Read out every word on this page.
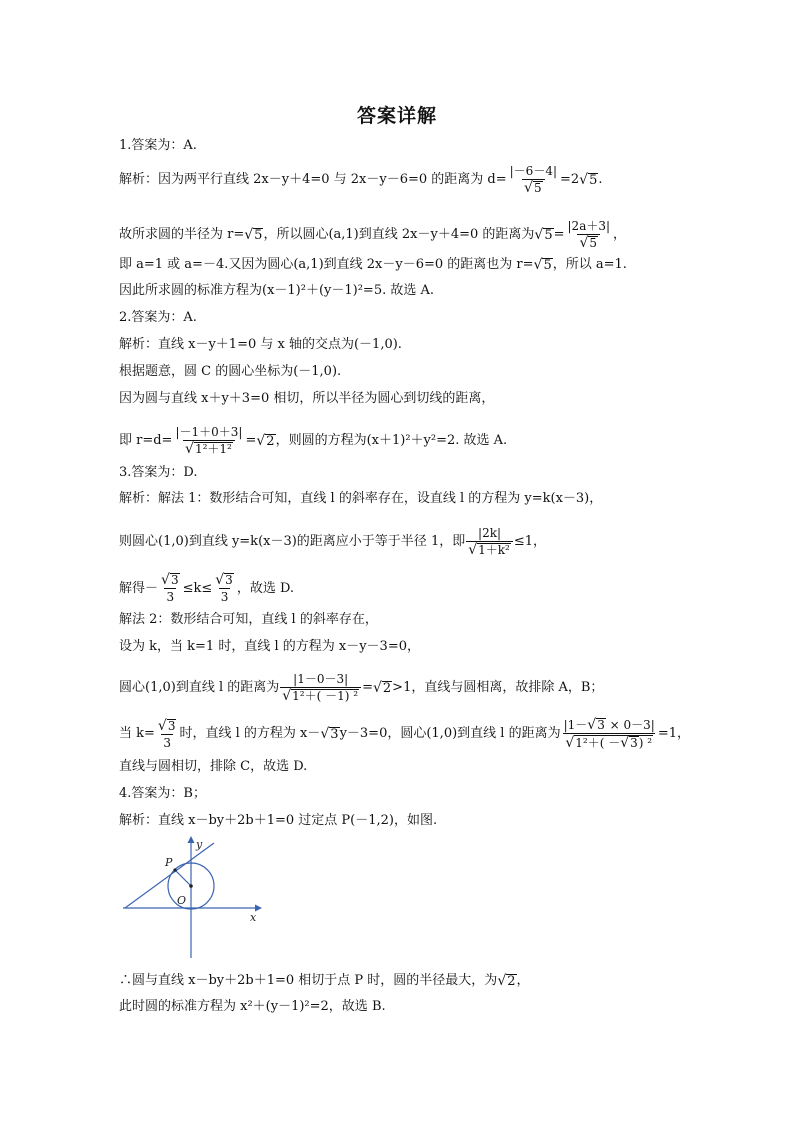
答案详解
1.答案为：A.
解析：因为两平行直线 2x－y＋4=0 与 2x－y－6=0 的距离为 $d= \frac{|-6-4|}{√ 5} =2$ √ 5 .
故所求圆的半径为 r= √ 5 ，所以圆心(a,1)到直线 2x－y＋4=0 的距离为 √ $5 = \frac{|2a+3|}{√ 5}$ ，
即 a=1 或 a=－4.又因为圆心(a,1)到直线 2x－y－6=0 的距离也为 r= √ 5 ，所以 a=1.
因此所求圆的标准方程为(x－1)²＋(y－1)²=5. 故选 A.
2.答案为：A.
解析：直线 x－y＋1=0 与 x 轴的交点为(－1,0).
根据题意，圆 C 的圆心坐标为(－1,0).
因为圆与直线 x＋y＋3=0 相切，所以半径为圆心到切线的距离，
即 $r=d= \frac{|-1+0+3|}{\text{√ 1²＋1²}}$ = √ 2 ，则圆的方程为(x＋1)²＋y²=2. 故选 A.
3.答案为：D.
解析：解法 1：数形结合可知，直线 l 的斜率存在，设直线 l 的方程为 y=k(x－3)，
则圆心(1,0)到直线 y=k(x－3)的距离应小于等于半径 1，即 $\frac{|2k|}{\text{√ 1＋k²}} \le 1$，
解得－ $\frac{√ 3}{3} \le k\le \frac{√ 3}{3}$ ，故选 D.
解法 2：数形结合可知，直线 l 的斜率存在，
设为 k，当 k=1 时，直线 l 的方程为 x－y－3=0，
圆心(1,0)到直线 l 的距离为 $\frac{|1-0-3|}{\text{√ 1²＋( －1) ²}}$ = √ 2 >1，直线与圆相离，故排除 A，B；
当 $k= \frac{√ 3}{3}$ 时，直线 l 的方程为 x－ √ 3 y－3=0，圆心(1,0)到直线 l 的距离为 $\frac{|1- √ 3 \times 0-3|}{\text{√ 1²＋( － √ 3 ) ²}} =1$，
直线与圆相切，排除 C，故选 D.
4.答案为：B；
解析：直线 x－by＋2b＋1=0 过定点 P(－1,2)，如图.
y
P
O
x
∴圆与直线 x－by＋2b＋1=0 相切于点 P 时，圆的半径最大，为 √ 2 ，
此时圆的标准方程为 x²＋(y－1)²=2，故选 B.
